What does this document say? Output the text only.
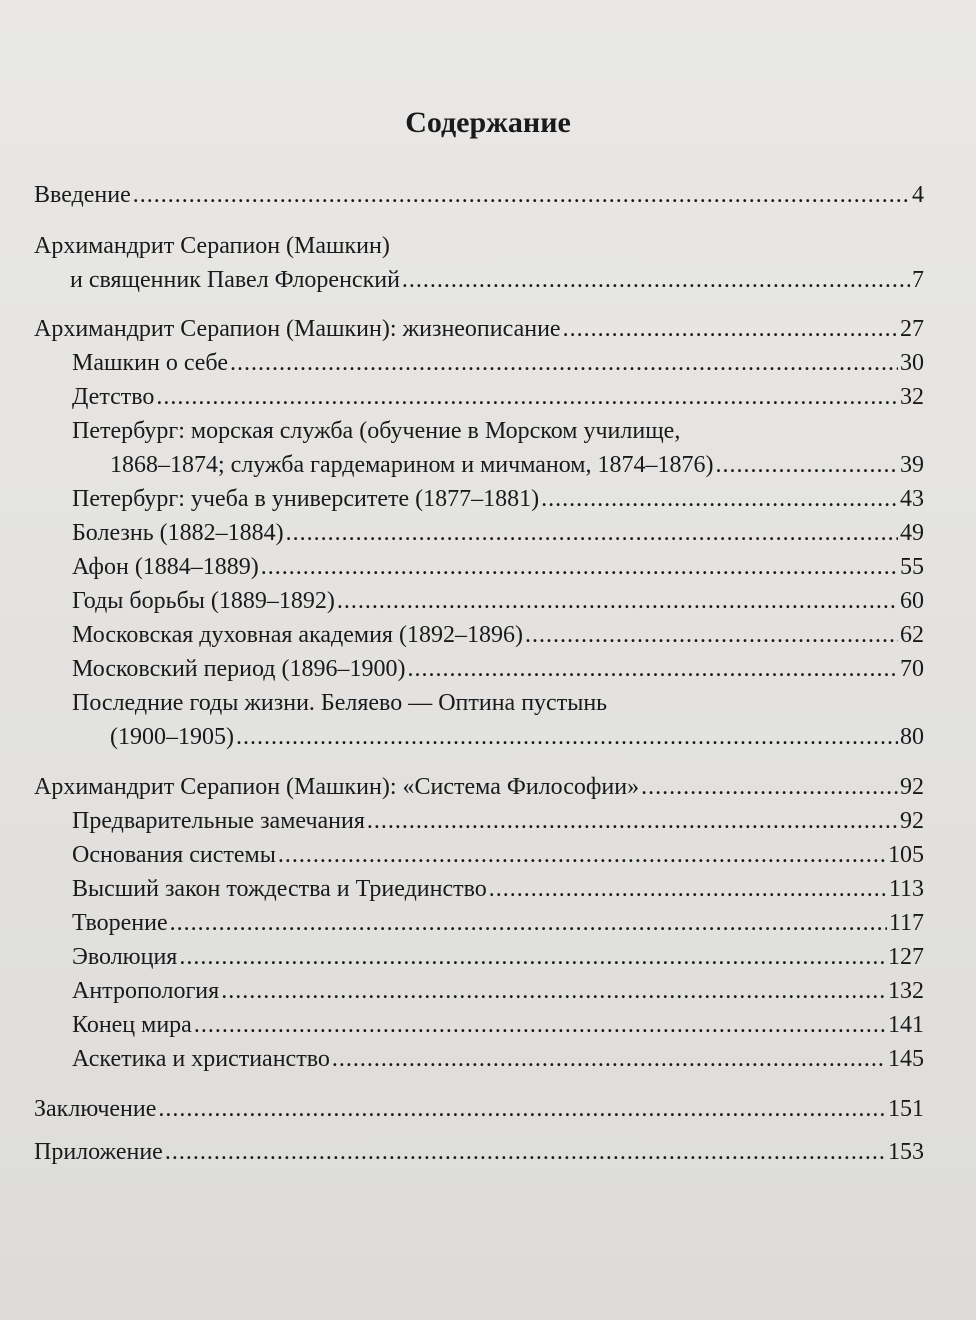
Содержание
Введение .....	4
Архимандрит Серапион (Машкин)
и священник Павел Флоренский .....	7
Архимандрит Серапион (Машкин): жизнеописание .....	27
Машкин о себе .....	30
Детство .....	32
Петербург: морская служба (обучение в Морском училище,
1868–1874; служба гардемарином и мичманом, 1874–1876) .....	39
Петербург: учеба в университете (1877–1881) .....	43
Болезнь (1882–1884) .....	49
Афон (1884–1889) .....	55
Годы борьбы (1889–1892) .....	60
Московская духовная академия (1892–1896) .....	62
Московский период (1896–1900) .....	70
Последние годы жизни. Беляево — Оптина пустынь
(1900–1905) .....	80
Архимандрит Серапион (Машкин): «Система Философии» .....	92
Предварительные замечания .....	92
Основания системы .....	105
Высший закон тождества и Триединство .....	113
Творение .....	117
Эволюция .....	127
Антропология .....	132
Конец мира .....	141
Аскетика и христианство .....	145
Заключение .....	151
Приложение .....	153
